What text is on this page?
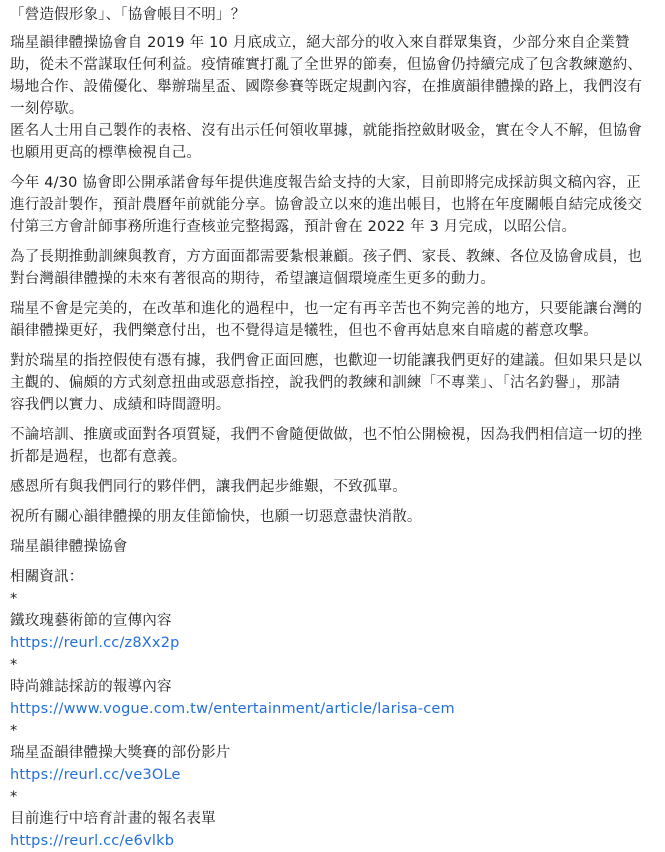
「營造假形象」、「協會帳目不明」？
瑞星韻律體操協會自 2019 年 10 月底成立，絕大部分的收入來自群眾集資，少部分來自企業贊
助，從未不當謀取任何利益。疫情確實打亂了全世界的節奏，但協會仍持續完成了包含教練邀約、
場地合作、設備優化、舉辦瑞星盃、國際參賽等既定規劃內容，在推廣韻律體操的路上，我們沒有
一刻停歇。
匿名人士用自己製作的表格、沒有出示任何領收單據，就能指控斂財吸金，實在令人不解，但協會
也願用更高的標準檢視自己。
今年 4/30 協會即公開承諾會每年提供進度報告給支持的大家，目前即將完成採訪與文稿內容，正
進行設計製作，預計農曆年前就能分享。協會設立以來的進出帳目，也將在年度關帳自結完成後交
付第三方會計師事務所進行查核並完整揭露，預計會在 2022 年 3 月完成，以昭公信。
為了長期推動訓練與教育，方方面面都需要紮根兼顧。孩子們、家長、教練、各位及協會成員，也
對台灣韻律體操的未來有著很高的期待，希望讓這個環境產生更多的動力。
瑞星不會是完美的，在改革和進化的過程中，也一定有再辛苦也不夠完善的地方，只要能讓台灣的
韻律體操更好，我們樂意付出，也不覺得這是犧牲，但也不會再姑息來自暗處的蓄意攻擊。
對於瑞星的指控假使有憑有據，我們會正面回應，也歡迎一切能讓我們更好的建議。但如果只是以
主觀的、偏頗的方式刻意扭曲或惡意指控，說我們的教練和訓練「不專業」、「沽名釣譽」，那請
容我們以實力、成績和時間證明。
不論培訓、推廣或面對各項質疑，我們不會隨便做做，也不怕公開檢視，因為我們相信這一切的挫
折都是過程，也都有意義。
感恩所有與我們同行的夥伴們，讓我們起步維艱，不致孤單。
祝所有關心韻律體操的朋友佳節愉快，也願一切惡意盡快消散。
瑞星韻律體操協會
相關資訊：
*
鐵玫瑰藝術節的宣傳內容
https://reurl.cc/z8Xx2p
*
時尚雜誌採訪的報導內容
https://www.vogue.com.tw/entertainment/article/larisa-cem
*
瑞星盃韻律體操大獎賽的部份影片
https://reurl.cc/ve3OLe
*
目前進行中培育計畫的報名表單
https://reurl.cc/e6vlkb
